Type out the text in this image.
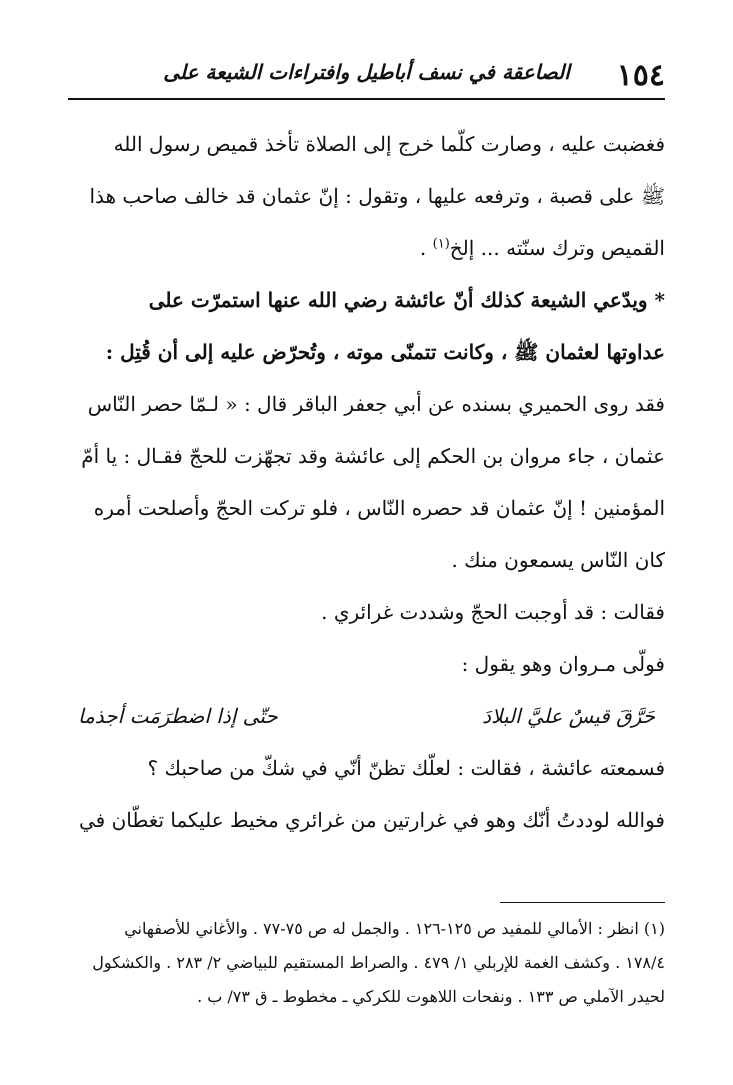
١٥٤
الصاعقة في نسف أباطيل وافتراءات الشيعة على
فغضبت عليه ، وصارت كلّما خرج إلى الصلاة تأخذ قميص رسول الله
ﷺ على قصبة ، وترفعه عليها ، وتقول : إنّ عثمان قد خالف صاحب هذا
القميص وترك سنّته ... إلخ$^{(١)}$ .
* ويدّعي الشيعة كذلك أنّ عائشة رضي الله عنها استمرّت على
عداوتها لعثمان ﷺ ، وكانت تتمنّى موته ، وتُحرّض عليه إلى أن قُتِل :
فقد روى الحميري بسنده عن أبي جعفر الباقر قال : « لـمّا حصر النّاس
عثمان ، جاء مروان بن الحكم إلى عائشة وقد تجهّزت للحجّ فقـال : يا أمّ
المؤمنين ! إنّ عثمان قد حصره النّاس ، فلو تركت الحجّ وأصلحت أمره
كان النّاس يسمعون منك .
فقالت : قد أوجبت الحجّ وشددت غرائري .
فولّى مـروان وهو يقول :
حَرَّقَ قيسٌ عليَّ البلادَ
حتّى إذا اضطرَمَت أجذما
فسمعته عائشة ، فقالت : لعلّك تظنّ أنّي في شكّ من صاحبك ؟
فوالله لوددتُ أنّك وهو في غرارتين من غرائري مخيط عليكما تغطّان في
(١) انظر : الأمالي للمفيد ص ١٢٥-١٢٦ . والجمل له ص ٧٥-٧٧ . والأغاني للأصفهاني
١٧٨/٤ . وكشف الغمة للإربلي ١/ ٤٧٩ . والصراط المستقيم للبياضي ٢/ ٢٨٣ . والكشكول
لحيدر الآملي ص ١٣٣ . ونفحات اللاهوت للكركي ـ مخطوط ـ ق ٧٣/ ب .
